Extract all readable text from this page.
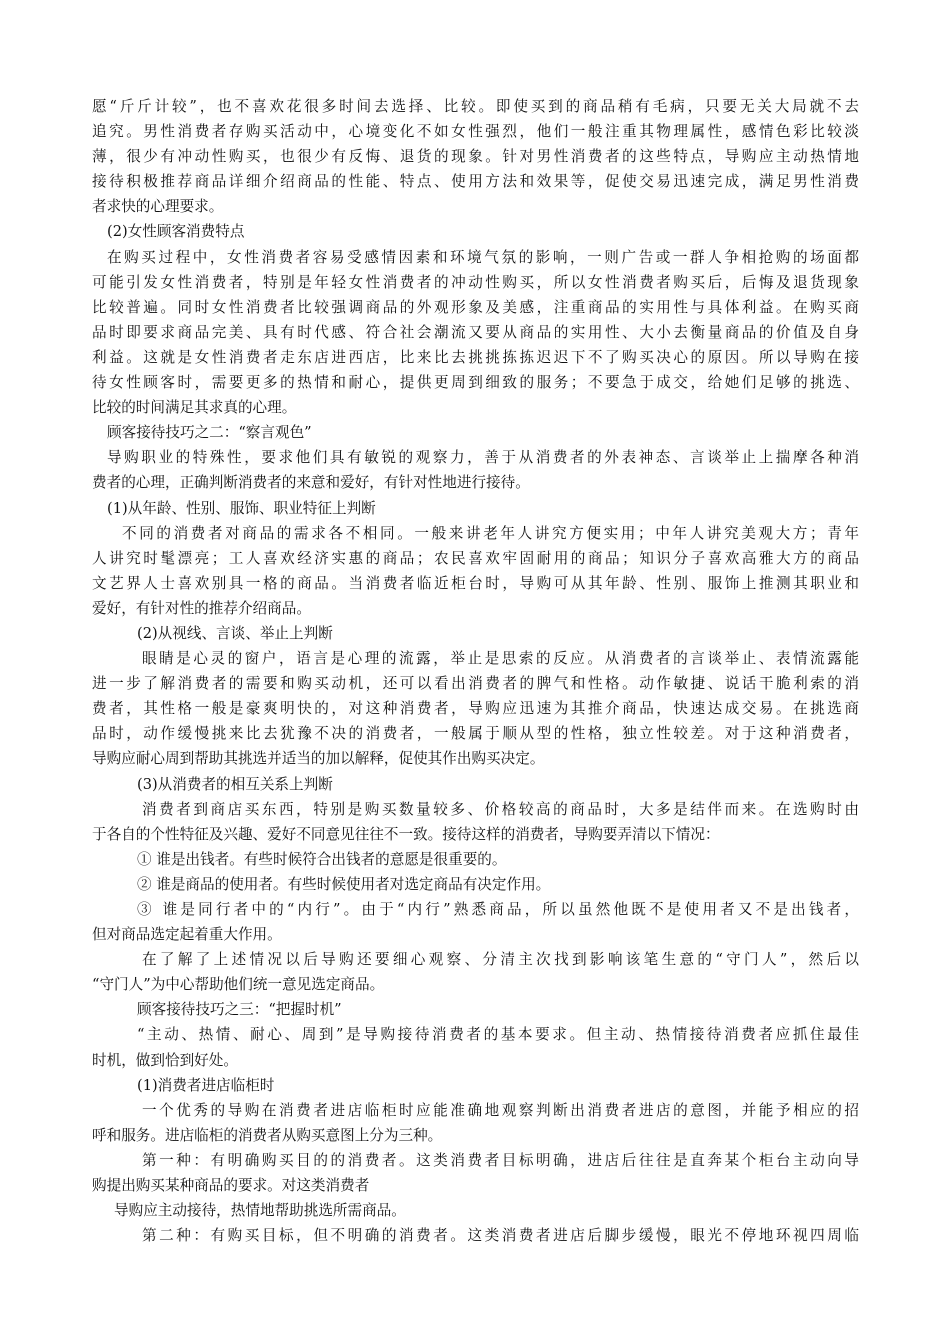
愿“斤斤计较”，也不喜欢花很多时间去选择、比较。即使买到的商品稍有毛病，只要无关大局就不去
追究。男性消费者存购买活动中，心境变化不如女性强烈，他们一般注重其物理属性，感情色彩比较淡
薄，很少有冲动性购买，也很少有反悔、退货的现象。针对男性消费者的这些特点，导购应主动热情地
接待积极推荐商品详细介绍商品的性能、特点、使用方法和效果等，促使交易迅速完成，满足男性消费
者求快的心理要求。
(2)女性顾客消费特点
在购买过程中，女性消费者容易受感情因素和环境气氛的影响，一则广告或一群人争相抢购的场面都
可能引发女性消费者，特别是年轻女性消费者的冲动性购买，所以女性消费者购买后，后悔及退货现象
比较普遍。同时女性消费者比较强调商品的外观形象及美感，注重商品的实用性与具体利益。在购买商
品时即要求商品完美、具有时代感、符合社会潮流又要从商品的实用性、大小去衡量商品的价值及自身
利益。这就是女性消费者走东店进西店，比来比去挑挑拣拣迟迟下不了购买决心的原因。所以导购在接
待女性顾客时，需要更多的热情和耐心，提供更周到细致的服务；不要急于成交，给她们足够的挑选、
比较的时间满足其求真的心理。
顾客接待技巧之二：“察言观色”
导购职业的特殊性，要求他们具有敏锐的观察力，善于从消费者的外表神态、言谈举止上揣摩各种消
费者的心理，正确判断消费者的来意和爱好，有针对性地进行接待。
(1)从年龄、性别、服饰、职业特征上判断
不同的消费者对商品的需求各不相同。一般来讲老年人讲究方便实用；中年人讲究美观大方；青年
人讲究时髦漂亮；工人喜欢经济实惠的商品；农民喜欢牢固耐用的商品；知识分子喜欢高雅大方的商品
文艺界人士喜欢别具一格的商品。当消费者临近柜台时，导购可从其年龄、性别、服饰上推测其职业和
爱好，有针对性的推荐介绍商品。
(2)从视线、言谈、举止上判断
眼睛是心灵的窗户，语言是心理的流露，举止是思索的反应。从消费者的言谈举止、表情流露能
进一步了解消费者的需要和购买动机，还可以看出消费者的脾气和性格。动作敏捷、说话干脆利索的消
费者，其性格一般是豪爽明快的，对这种消费者，导购应迅速为其推介商品，快速达成交易。在挑选商
品时，动作缓慢挑来比去犹豫不决的消费者，一般属于顺从型的性格，独立性较差。对于这种消费者，
导购应耐心周到帮助其挑选并适当的加以解释，促使其作出购买决定。
(3)从消费者的相互关系上判断
消费者到商店买东西，特别是购买数量较多、价格较高的商品时，大多是结伴而来。在选购时由
于各自的个性特征及兴趣、爱好不同意见往往不一致。接待这样的消费者，导购要弄清以下情况：
① 谁是出钱者。有些时候符合出钱者的意愿是很重要的。
② 谁是商品的使用者。有些时候使用者对选定商品有决定作用。
③ 谁是同行者中的“内行”。由于“内行”熟悉商品，所以虽然他既不是使用者又不是出钱者，
但对商品选定起着重大作用。
在了解了上述情况以后导购还要细心观察、分清主次找到影响该笔生意的“守门人”，然后以
“守门人”为中心帮助他们统一意见选定商品。
顾客接待技巧之三：“把握时机”
“主动、热情、耐心、周到”是导购接待消费者的基本要求。但主动、热情接待消费者应抓住最佳
时机，做到恰到好处。
(1)消费者进店临柜时
一个优秀的导购在消费者进店临柜时应能准确地观察判断出消费者进店的意图，并能予相应的招
呼和服务。进店临柜的消费者从购买意图上分为三种。
第一种：有明确购买目的的消费者。这类消费者目标明确，进店后往往是直奔某个柜台主动向导
购提出购买某种商品的要求。对这类消费者
导购应主动接待，热情地帮助挑选所需商品。
第二种：有购买目标，但不明确的消费者。这类消费者进店后脚步缓慢，眼光不停地环视四周临
